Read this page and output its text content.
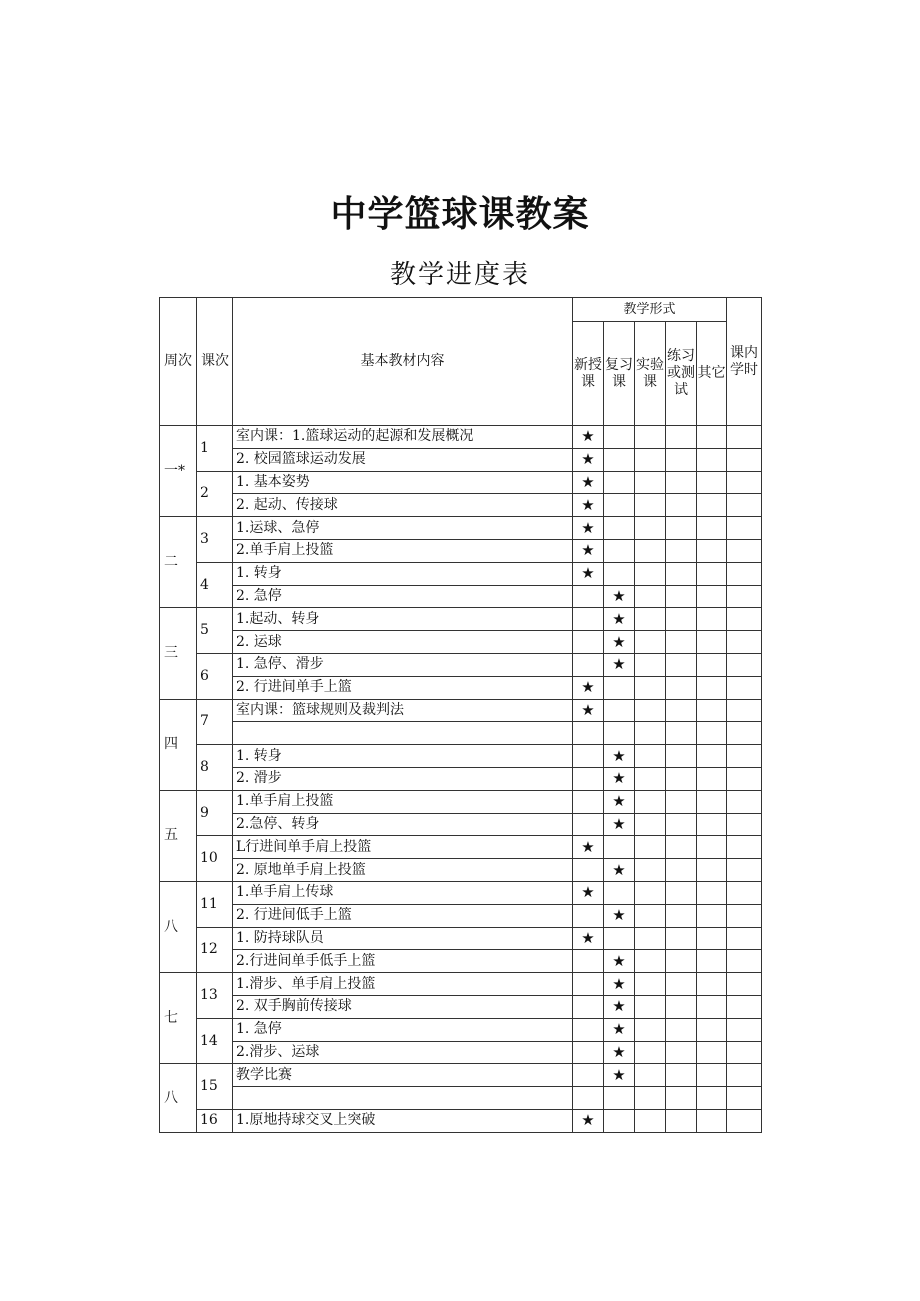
中学篮球课教案
教学进度表
周次	课次	基本教材内容	教学形式					课内学时
			新授课	复习课	实验课	练习或测试	其它	
一*	1	室内课：1.篮球运动的起源和发展概况	★					
		2. 校园篮球运动发展	★					
	2	1. 基本姿势	★					
		2. 起动、传接球	★					
二	3	1.运球、急停	★					
		2.单手肩上投篮	★					
	4	1. 转身	★					
		2. 急停		★				
三	5	1.起动、转身		★				
		2. 运球		★				
	6	1. 急停、滑步		★				
		2. 行进间单手上篮	★					
四	7	室内课：篮球规则及裁判法	★					

	8	1. 转身		★				
		2. 滑步		★				
五	9	1.单手肩上投篮		★				
		2.急停、转身		★				
	10	L行进间单手肩上投篮	★					
		2. 原地单手肩上投篮		★				
八	11	1.单手肩上传球	★					
		2. 行进间低手上篮		★				
	12	1. 防持球队员	★					
		2.行进间单手低手上篮		★				
七	13	1.滑步、单手肩上投篮		★				
		2. 双手胸前传接球		★				
	14	1. 急停		★				
		2.滑步、运球		★				
八	15	教学比赛		★				

	16	1.原地持球交叉上突破	★					
